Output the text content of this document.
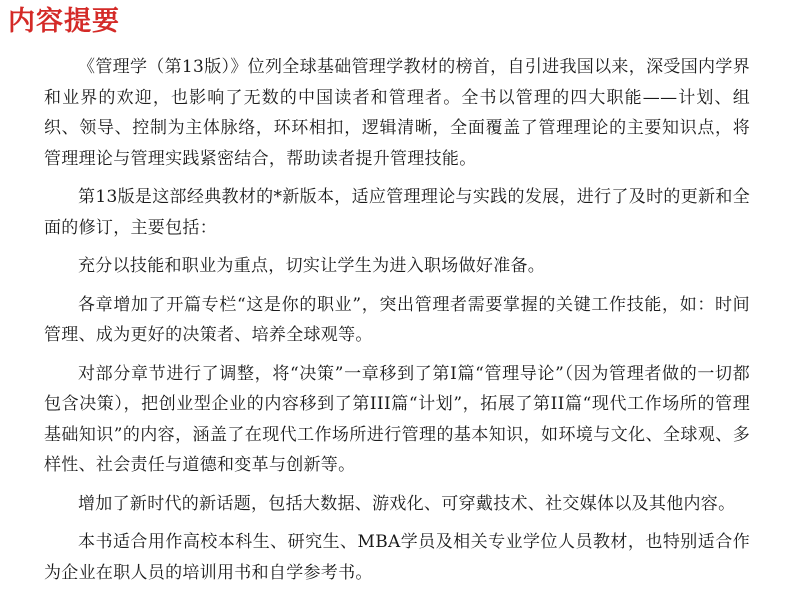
内容提要

《管理学（第13版）》位列全球基础管理学教材的榜首，自引进我国以来，深受国内学界和业界的欢迎，也影响了无数的中国读者和管理者。全书以管理的四大职能——计划、组织、领导、控制为主体脉络，环环相扣，逻辑清晰，全面覆盖了管理理论的主要知识点，将管理理论与管理实践紧密结合，帮助读者提升管理技能。

第13版是这部经典教材的*新版本，适应管理理论与实践的发展，进行了及时的更新和全面的修订，主要包括：

充分以技能和职业为重点，切实让学生为进入职场做好准备。

各章增加了开篇专栏“这是你的职业”，突出管理者需要掌握的关键工作技能，如：时间管理、成为更好的决策者、培养全球观等。

对部分章节进行了调整，将“决策”一章移到了第I篇“管理导论”（因为管理者做的一切都包含决策），把创业型企业的内容移到了第III篇“计划”，拓展了第II篇“现代工作场所的管理基础知识”的内容，涵盖了在现代工作场所进行管理的基本知识，如环境与文化、全球观、多样性、社会责任与道德和变革与创新等。

增加了新时代的新话题，包括大数据、游戏化、可穿戴技术、社交媒体以及其他内容。

本书适合用作高校本科生、研究生、MBA学员及相关专业学位人员教材，也特别适合作为企业在职人员的培训用书和自学参考书。
